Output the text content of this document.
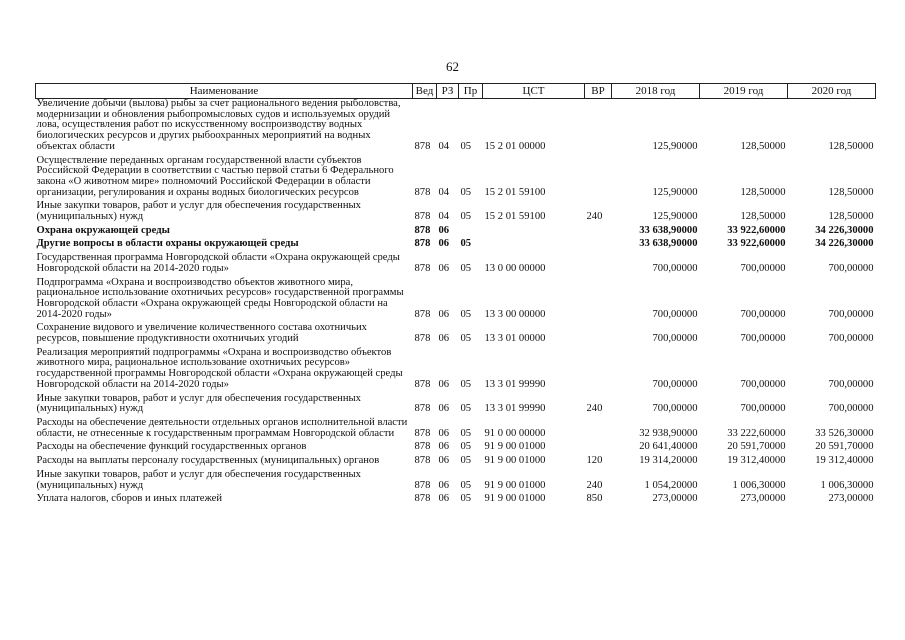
62
Наименование	Вед	РЗ	Пр	ЦСТ	ВР	2018 год	2019 год	2020 год
Увеличение добычи (вылова) рыбы за счет рационального ведения рыболовства, модернизации и обновления рыбопромысловых судов и используемых орудий лова, осуществления работ по искусственному воспроизводству водных биологических ресурсов и других рыбоохранных мероприятий на водных объектах области	878	04	05	15 2 01 00000		125,90000	128,50000	128,50000
Осуществление переданных органам государственной власти субъектов Российской Федерации в соответствии с частью первой статьи 6 Федерального закона «О животном мире» полномочий Российской Федерации в области организации, регулирования и охраны водных биологических ресурсов	878	04	05	15 2 01 59100		125,90000	128,50000	128,50000
Иные закупки товаров, работ и услуг для обеспечения государственных (муниципальных) нужд	878	04	05	15 2 01 59100	240	125,90000	128,50000	128,50000
Охрана окружающей среды	878	06				33 638,90000	33 922,60000	34 226,30000
Другие вопросы в области охраны окружающей среды	878	06	05			33 638,90000	33 922,60000	34 226,30000
Государственная программа Новгородской области «Охрана окружающей среды Новгородской области на 2014-2020 годы»	878	06	05	13 0 00 00000		700,00000	700,00000	700,00000
Подпрограмма «Охрана и воспроизводство объектов животного мира, рациональное использование охотничьих ресурсов» государственной программы Новгородской области «Охрана окружающей среды Новгородской области на 2014-2020 годы»	878	06	05	13 3 00 00000		700,00000	700,00000	700,00000
Сохранение видового и увеличение количественного состава охотничьих ресурсов, повышение продуктивности охотничьих угодий	878	06	05	13 3 01 00000		700,00000	700,00000	700,00000
Реализация мероприятий подпрограммы «Охрана и воспроизводство объектов животного мира, рациональное использование охотничьих ресурсов» государственной программы Новгородской области «Охрана окружающей среды Новгородской области на 2014-2020 годы»	878	06	05	13 3 01 99990		700,00000	700,00000	700,00000
Иные закупки товаров, работ и услуг для обеспечения государственных (муниципальных) нужд	878	06	05	13 3 01 99990	240	700,00000	700,00000	700,00000
Расходы на обеспечение деятельности отдельных органов исполнительной власти области, не отнесенные к государственным программам Новгородской области	878	06	05	91 0 00 00000		32 938,90000	33 222,60000	33 526,30000
Расходы на обеспечение функций государственных органов	878	06	05	91 9 00 01000		20 641,40000	20 591,70000	20 591,70000
Расходы на выплаты персоналу государственных (муниципальных) органов	878	06	05	91 9 00 01000	120	19 314,20000	19 312,40000	19 312,40000
Иные закупки товаров, работ и услуг для обеспечения государственных (муниципальных) нужд	878	06	05	91 9 00 01000	240	1 054,20000	1 006,30000	1 006,30000
Уплата налогов, сборов и иных платежей	878	06	05	91 9 00 01000	850	273,00000	273,00000	273,00000
